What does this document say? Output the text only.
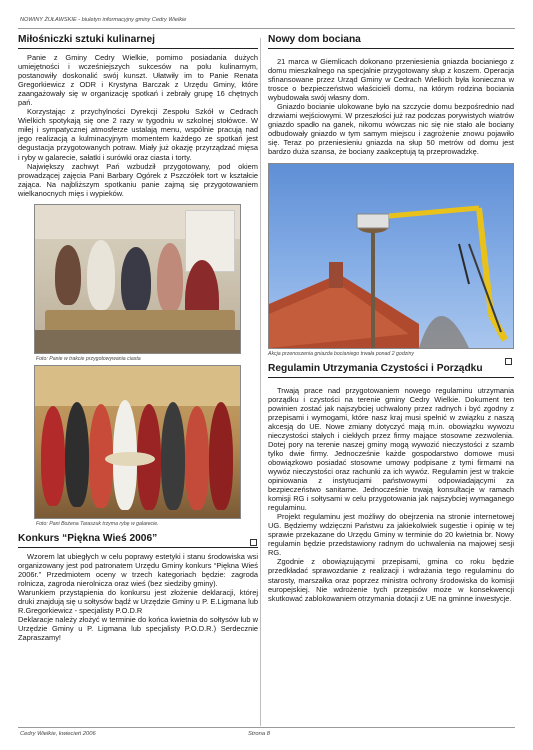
NOWINY ŻUŁAWSKIE - biuletyn informacyjny gminy Cedry Wielkie
Miłośniczki sztuki kulinarnej

Panie z Gminy Cedry Wielkie, pomimo posiadania dużych umiejętności i wcześniejszych sukcesów na polu kulinarnym, postanowiły doskonalić swój kunszt. Ułatwiły im to Panie Renata Gregorkiewicz z ODR i Krystyna Barczak z Urzędu Gminy, które zaangażowały się w organizację spotkań i zebrały grupę 16 chętnych pań.

Korzystając z przychylności Dyrekcji Zespołu Szkół w Cedrach Wielkich spotykają się one 2 razy w tygodniu w szkolnej stołówce. W miłej i sympatycznej atmosferze ustalają menu, wspólnie pracują nad jego realizacją a kulminacyjnym momentem każdego ze spotkań jest degustacja przygotowanych potraw. Miały już okazję przyrządzać mięsa i ryby w galarecie, sałatki i surówki oraz ciasta i torty.

Największy zachwyt Pań wzbudził przygotowany, pod okiem prowadzącej zajęcia Pani Barbary Ogórek z Pszczółek tort w kształcie zająca. Na najbliższym spotkaniu panie zajmą się przygotowaniem wielkanocnych mięs i wypieków.

Foto: Panie w trakcie przygotowywania ciasta
Foto: Pani Bożena Taraszuk trzyma rybę w galarecie.
Konkurs “Piękna Wieś 2006”

Wzorem lat ubiegłych w celu poprawy estetyki i stanu środowiska wsi organizowany jest pod patronatem Urzędu Gminy konkurs “Piękna Wieś 2006r.” Przedmiotem oceny w trzech kategoriach będzie: zagroda rolnicza, zagroda nierolnicza oraz wieś (bez siedziby gminy).

Warunkiem przystąpienia do konkursu jest złożenie deklaracji, której druki znajdują się u sołtysów bądź w Urzędzie Gminy u P. E.Ligmana lub R.Gregorkiewicz - specjalisty P.O.D.R

Deklaracje należy złożyć w terminie do końca kwietnia do sołtysów lub w Urzędzie Gminy u P. Ligmana lub specjalisty P.O.D.R.) Serdecznie Zapraszamy!

Nowy dom bociana

21 marca w Giemlicach dokonano przeniesienia gniazda bocianiego z domu mieszkalnego na specjalnie przygotowany słup z koszem. Operacja sfinansowane przez Urząd Gminy w Cedrach Wielkich była konieczna w trosce o bezpieczeństwo właścicieli domu, na którym rodzina bociania wybudowała swój własny dom.

Gniazdo bocianie ulokowane było na szczycie domu bezpośrednio nad drzwiami wejściowymi. W przeszłości już raz podczas porywistych wiatrów gniazdo spadło na ganek, nikomu wówczas nic się nie stało ale bociany odbudowały gniazdo w tym samym miejscu i zagrożenie znowu pojawiło się. Teraz po przeniesieniu gniazda na słup 50 metrów od domu jest bardzo duża szansa, że bociany zaakceptują tą przeprowadzkę.

Akcja przenoszenia gniazda bocianiego trwała ponad 2 godziny
Regulamin Utrzymania Czystości i Porządku

Trwają prace nad przygotowaniem nowego regulaminu utrzymania porządku i czystości na terenie gminy Cedry Wielkie. Dokument ten powinien zostać jak najszybciej uchwalony przez radnych i być zgodny z przepisami i wymogami, które nasz kraj musi spełnić w związku z naszą akcesją do UE. Nowe zmiany dotyczyć mają m.in. obowiązku wywozu nieczystości stałych i ciekłych przez firmy mające stosowne zezwolenia. Dotej pory na terenie naszej gminy mogą wywozić nieczystości z szamb tylko dwie firmy. Jednocześnie każde gospodarstwo domowe musi obowiązkowo posiadać stosowne umowy podpisane z tymi firmami na wywóz nieczystości oraz rachunki za ich wywóz. Regulamin jest w trakcie opiniowania z instytucjami państwowymi odpowiadającymi za bezpieczeństwo sanitarne. Jednocześnie trwają konsultacje w ramach komisji RG i sołtysami w celu przygotowania jak najszybciej wymaganego regulaminu.

Projekt regulaminu jest możliwy do obejrzenia na stronie internetowej UG. Będziemy wdzięczni Państwu za jakiekolwiek sugestie i opinię w tej sprawie przekazane do Urzędu Gminy w terminie do 20 kwietnia br. Nowy regulamin będzie przedstawiony radnym do uchwalenia na majowej sesji RG.

Zgodnie z obowiązującymi przepisami, gmina co roku będzie przedkładać sprawozdanie z realizacji i wdrażania tego regulaminu do starosty, marszałka oraz poprzez ministra ochrony środowiska do komisji europejskiej. Nie wdrożenie tych przepisów może w konsekwencji skutkować zablokowaniem otrzymania dotacji z UE na gminne inwestycje.

Cedry Wielkie, kwiecień 2006	Strona 8
